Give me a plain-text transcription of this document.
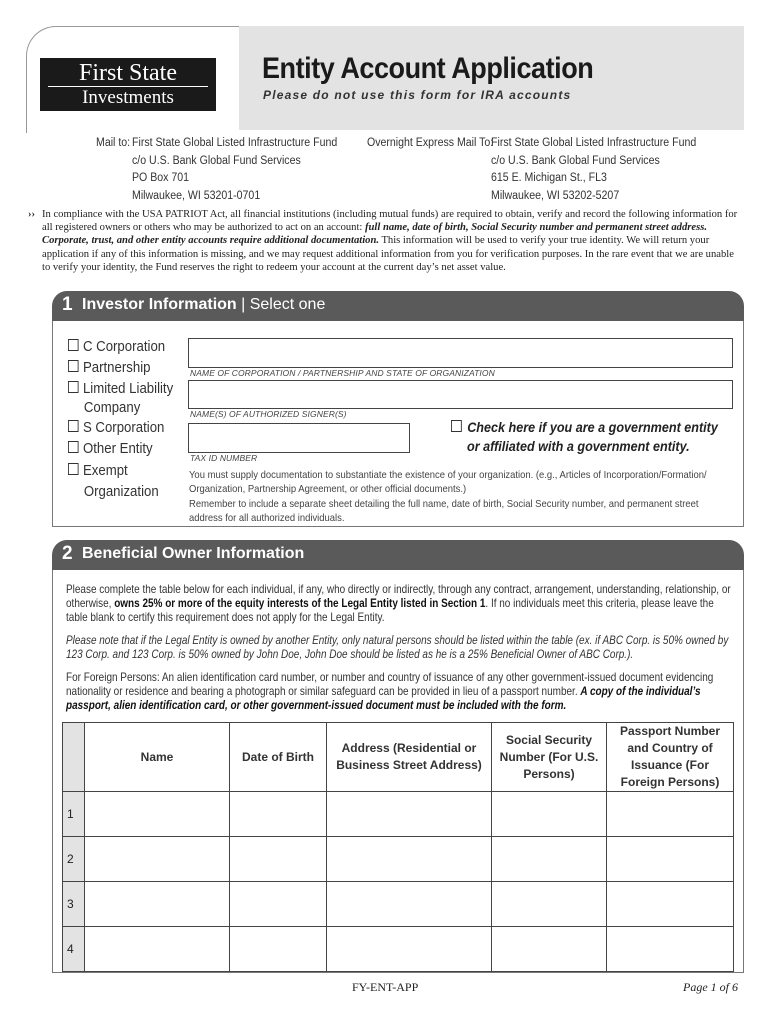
First State
Investments
Entity Account Application
Please do not use this form for IRA accounts
Mail to: First State Global Listed Infrastructure Fund
c/o U.S. Bank Global Fund Services
PO Box 701
Milwaukee, WI 53201-0701
Overnight Express Mail To:
First State Global Listed Infrastructure Fund
c/o U.S. Bank Global Fund Services
615 E. Michigan St., FL3
Milwaukee, WI 53202-5207
›› In compliance with the USA PATRIOT Act, all financial institutions (including mutual funds) are required to obtain, verify and record the following information for all registered owners or others who may be authorized to act on an account: full name, date of birth, Social Security number and permanent street address. Corporate, trust, and other entity accounts require additional documentation. This information will be used to verify your true identity. We will return your application if any of this information is missing, and we may request additional information from you for verification purposes. In the rare event that we are unable to verify your identity, the Fund reserves the right to redeem your account at the current day’s net asset value.
1 Investor Information | Select one
C Corporation
Partnership
Limited Liability
Company
S Corporation
Other Entity
Exempt
Organization
NAME OF CORPORATION / PARTNERSHIP AND STATE OF ORGANIZATION
NAME(S) OF AUTHORIZED SIGNER(S)
TAX ID NUMBER
Check here if you are a government entity
or affiliated with a government entity.
You must supply documentation to substantiate the existence of your organization. (e.g., Articles of Incorporation/Formation/ Organization, Partnership Agreement, or other official documents.)
Remember to include a separate sheet detailing the full name, date of birth, Social Security number, and permanent street address for all authorized individuals.
2 Beneficial Owner Information
Please complete the table below for each individual, if any, who directly or indirectly, through any contract, arrangement, understanding, relationship, or otherwise, owns 25% or more of the equity interests of the Legal Entity listed in Section 1. If no individuals meet this criteria, please leave the table blank to certify this requirement does not apply for the Legal Entity.
Please note that if the Legal Entity is owned by another Entity, only natural persons should be listed within the table (ex. if ABC Corp. is 50% owned by 123 Corp. and 123 Corp. is 50% owned by John Doe, John Doe should be listed as he is a 25% Beneficial Owner of ABC Corp.).
For Foreign Persons: An alien identification card number, or number and country of issuance of any other government-issued document evidencing nationality or residence and bearing a photograph or similar safeguard can be provided in lieu of a passport number. A copy of the individual’s passport, alien identification card, or other government-issued document must be included with the form.
	Name	Date of Birth	Address (Residential or Business Street Address)	Social Security Number (For U.S. Persons)	Passport Number and Country of Issuance (For Foreign Persons)
1					
2					
3					
4					
FY-ENT-APP	Page 1 of 6
